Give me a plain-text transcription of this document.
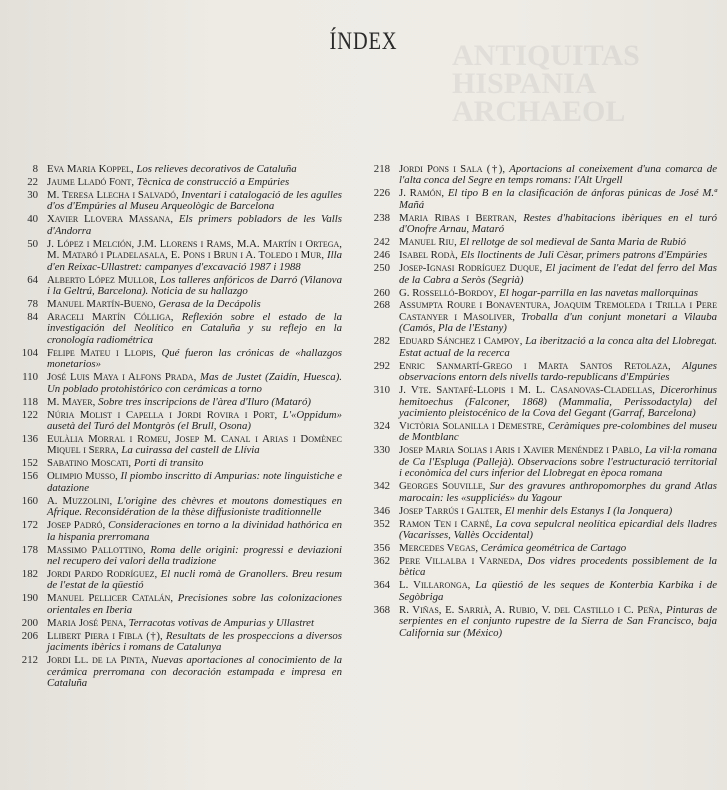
ANTIQUITAS
HISPANIA
ARCHAEOL
ÍNDEX
8 Eva Maria Koppel, Los relieves decorativos de Cataluña
22 Jaume Lladó Font, Tècnica de construcció a Empúries
30 M. Teresa Llecha i Salvadó, Inventari i catalogació de les agulles d'os d'Empúries al Museu Arqueològic de Barcelona
40 Xavier Llovera Massana, Els primers pobladors de les Valls d'Andorra
50 J. López i Melción, J.M. Llorens i Rams, M.A. Martín i Ortega, M. Mataró i Pladelasala, E. Pons i Brun i A. Toledo i Mur, Illa d'en Reixac-Ullastret: campanyes d'excavació 1987 i 1988
64 Alberto López Mullor, Los talleres anfóricos de Darró (Vilanova i la Geltrú, Barcelona). Noticia de su hallazgo
78 Manuel Martín-Bueno, Gerasa de la Decápolis
84 Araceli Martín Cólliga, Reflexión sobre el estado de la investigación del Neolítico en Cataluña y su reflejo en la cronología radiométrica
104 Felipe Mateu i Llopis, Qué fueron las crónicas de «hallazgos monetarios»
110 José Luis Maya i Alfons Prada, Mas de Justet (Zaidín, Huesca). Un poblado protohistórico con cerámicas a torno
118 M. Mayer, Sobre tres inscripcions de l'àrea d'Iluro (Mataró)
122 Núria Molist i Capella i Jordi Rovira i Port, L'«Oppidum» ausetà del Turó del Montgròs (el Brull, Osona)
136 Eulàlia Morral i Romeu, Josep M. Canal i Arias i Domènec Miquel i Serra, La cuirassa del castell de Llívia
152 Sabatino Moscati, Porti di transito
156 Olimpio Musso, Il piombo inscritto di Ampurias: note linguistiche e datazione
160 A. Muzzolini, L'origine des chèvres et moutons domestiques en Afrique. Reconsidération de la thèse diffusioniste traditionnelle
172 Josep Padró, Consideraciones en torno a la divinidad hathórica en la hispania prerromana
178 Massimo Pallottino, Roma delle origini: progressi e deviazioni nel recupero dei valori della tradizione
182 Jordi Pardo Rodríguez, El nucli romà de Granollers. Breu resum de l'estat de la qüestió
190 Manuel Pellicer Catalán, Precisiones sobre las colonizaciones orientales en Iberia
200 Maria José Pena, Terracotas votivas de Ampurias y Ullastret
206 Llibert Piera i Fibla (†), Resultats de les prospeccions a diversos jaciments ibèrics i romans de Catalunya
212 Jordi Ll. de la Pinta, Nuevas aportaciones al conocimiento de la cerámica prerromana con decoración estampada e impresa en Cataluña
218 Jordi Pons i Sala (†), Aportacions al coneixement d'una comarca de l'alta conca del Segre en temps romans: l'Alt Urgell
226 J. Ramón, El tipo B en la clasificación de ánforas púnicas de José M.ª Mañá
238 Maria Ribas i Bertran, Restes d'habitacions ibèriques en el turó d'Onofre Arnau, Mataró
242 Manuel Riu, El rellotge de sol medieval de Santa Maria de Rubió
246 Isabel Rodà, Els lloctinents de Juli Cèsar, primers patrons d'Empúries
250 Josep-Ignasi Rodríguez Duque, El jaciment de l'edat del ferro del Mas de la Cabra a Seròs (Segrià)
260 G. Rosselló-Bordoy, El hogar-parrilla en las navetas mallorquinas
268 Assumpta Roure i Bonaventura, Joaquim Tremoleda i Trilla i Pere Castanyer i Masoliver, Troballa d'un conjunt monetari a Vilauba (Camós, Pla de l'Estany)
282 Eduard Sánchez i Campoy, La iberització a la conca alta del Llobregat. Estat actual de la recerca
292 Enric Sanmartí-Grego i Marta Santos Retolaza, Algunes observacions entorn dels nivells tardo-republicans d'Empúries
310 J. Vte. Santafé-Llopis i M. L. Casanovas-Cladellas, Dicerorhinus hemitoechus (Falconer, 1868) (Mammalia, Perissodactyla) del yacimiento pleistocénico de la Cova del Gegant (Garraf, Barcelona)
324 Victòria Solanilla i Demestre, Ceràmiques pre-colombines del museu de Montblanc
330 Josep Maria Solias i Aris i Xavier Menéndez i Pablo, La vil·la romana de Ca l'Espluga (Pallejà). Observacions sobre l'estructuració territorial i econòmica del curs inferior del Llobregat en època romana
342 Georges Souville, Sur des gravures anthropomorphes du grand Atlas marocain: les «suppliciés» du Yagour
346 Josep Tarrús i Galter, El menhir dels Estanys I (la Jonquera)
352 Ramon Ten i Carné, La cova sepulcral neolítica epicardial dels lladres (Vacarisses, Vallès Occidental)
356 Mercedes Vegas, Cerámica geométrica de Cartago
362 Pere Villalba i Varneda, Dos vidres procedents possiblement de la bètica
364 L. Villaronga, La qüestió de les seques de Konterbia Karbika i de Segòbriga
368 R. Viñas, E. Sarrià, A. Rubio, V. del Castillo i C. Peña, Pinturas de serpientes en el conjunto rupestre de la Sierra de San Francisco, baja California sur (México)
